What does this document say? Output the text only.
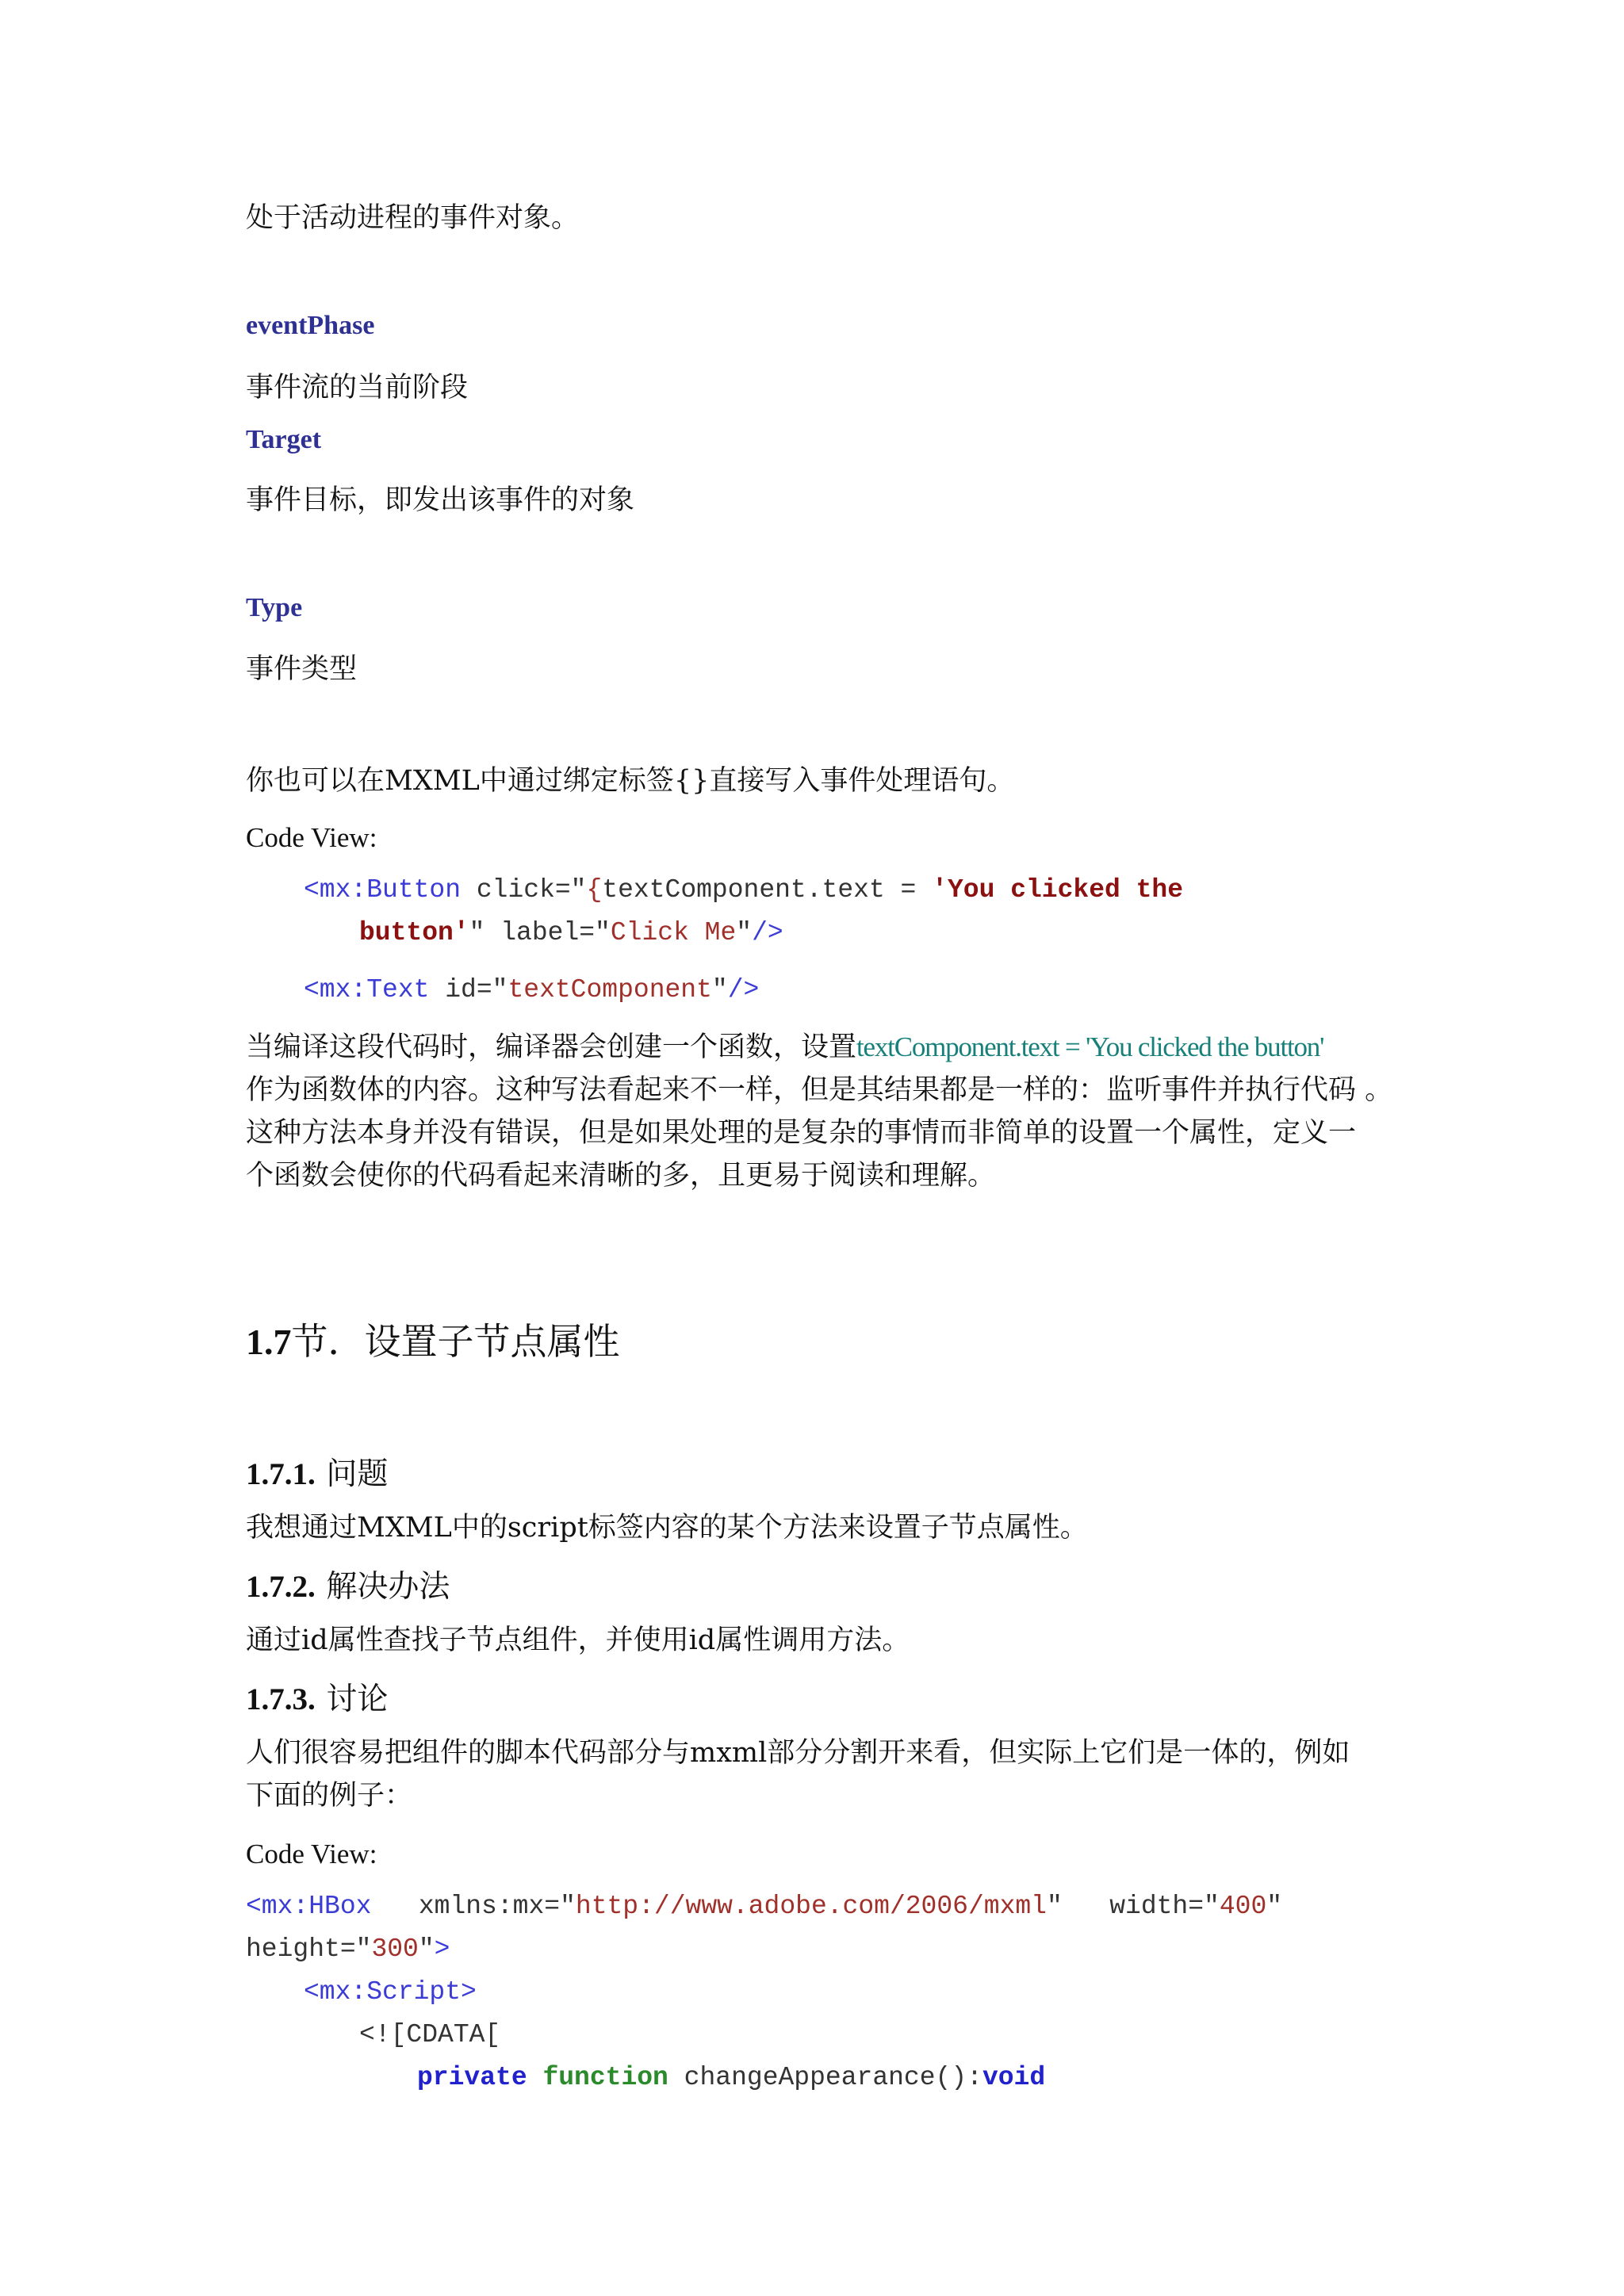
处于活动进程的事件对象。
eventPhase
事件流的当前阶段
Target
事件目标，即发出该事件的对象
Type
事件类型
你也可以在MXML中通过绑定标签{}直接写入事件处理语句。
Code View:
<mx:Button click="{textComponent.text = 'You clicked the
button'" label="Click Me"/>
<mx:Text id="textComponent"/>
当编译这段代码时，编译器会创建一个函数，设置textComponent.text = 'You clicked the button'
作为函数体的内容。这种写法看起来不一样，但是其结果都是一样的：监听事件并执行代码 。
这种方法本身并没有错误，但是如果处理的是复杂的事情而非简单的设置一个属性，定义一
个函数会使你的代码看起来清晰的多，且更易于阅读和理解。
1.7节．设置子节点属性
1.7.1. 问题
我想通过MXML中的script标签内容的某个方法来设置子节点属性。
1.7.2. 解决办法
通过id属性查找子节点组件，并使用id属性调用方法。
1.7.3. 讨论
人们很容易把组件的脚本代码部分与mxml部分分割开来看，但实际上它们是一体的，例如
下面的例子：
Code View:
<mx:HBox   xmlns:mx="http://www.adobe.com/2006/mxml"   width="400"
height="300">
<mx:Script>
<![CDATA[
private function changeAppearance():void
